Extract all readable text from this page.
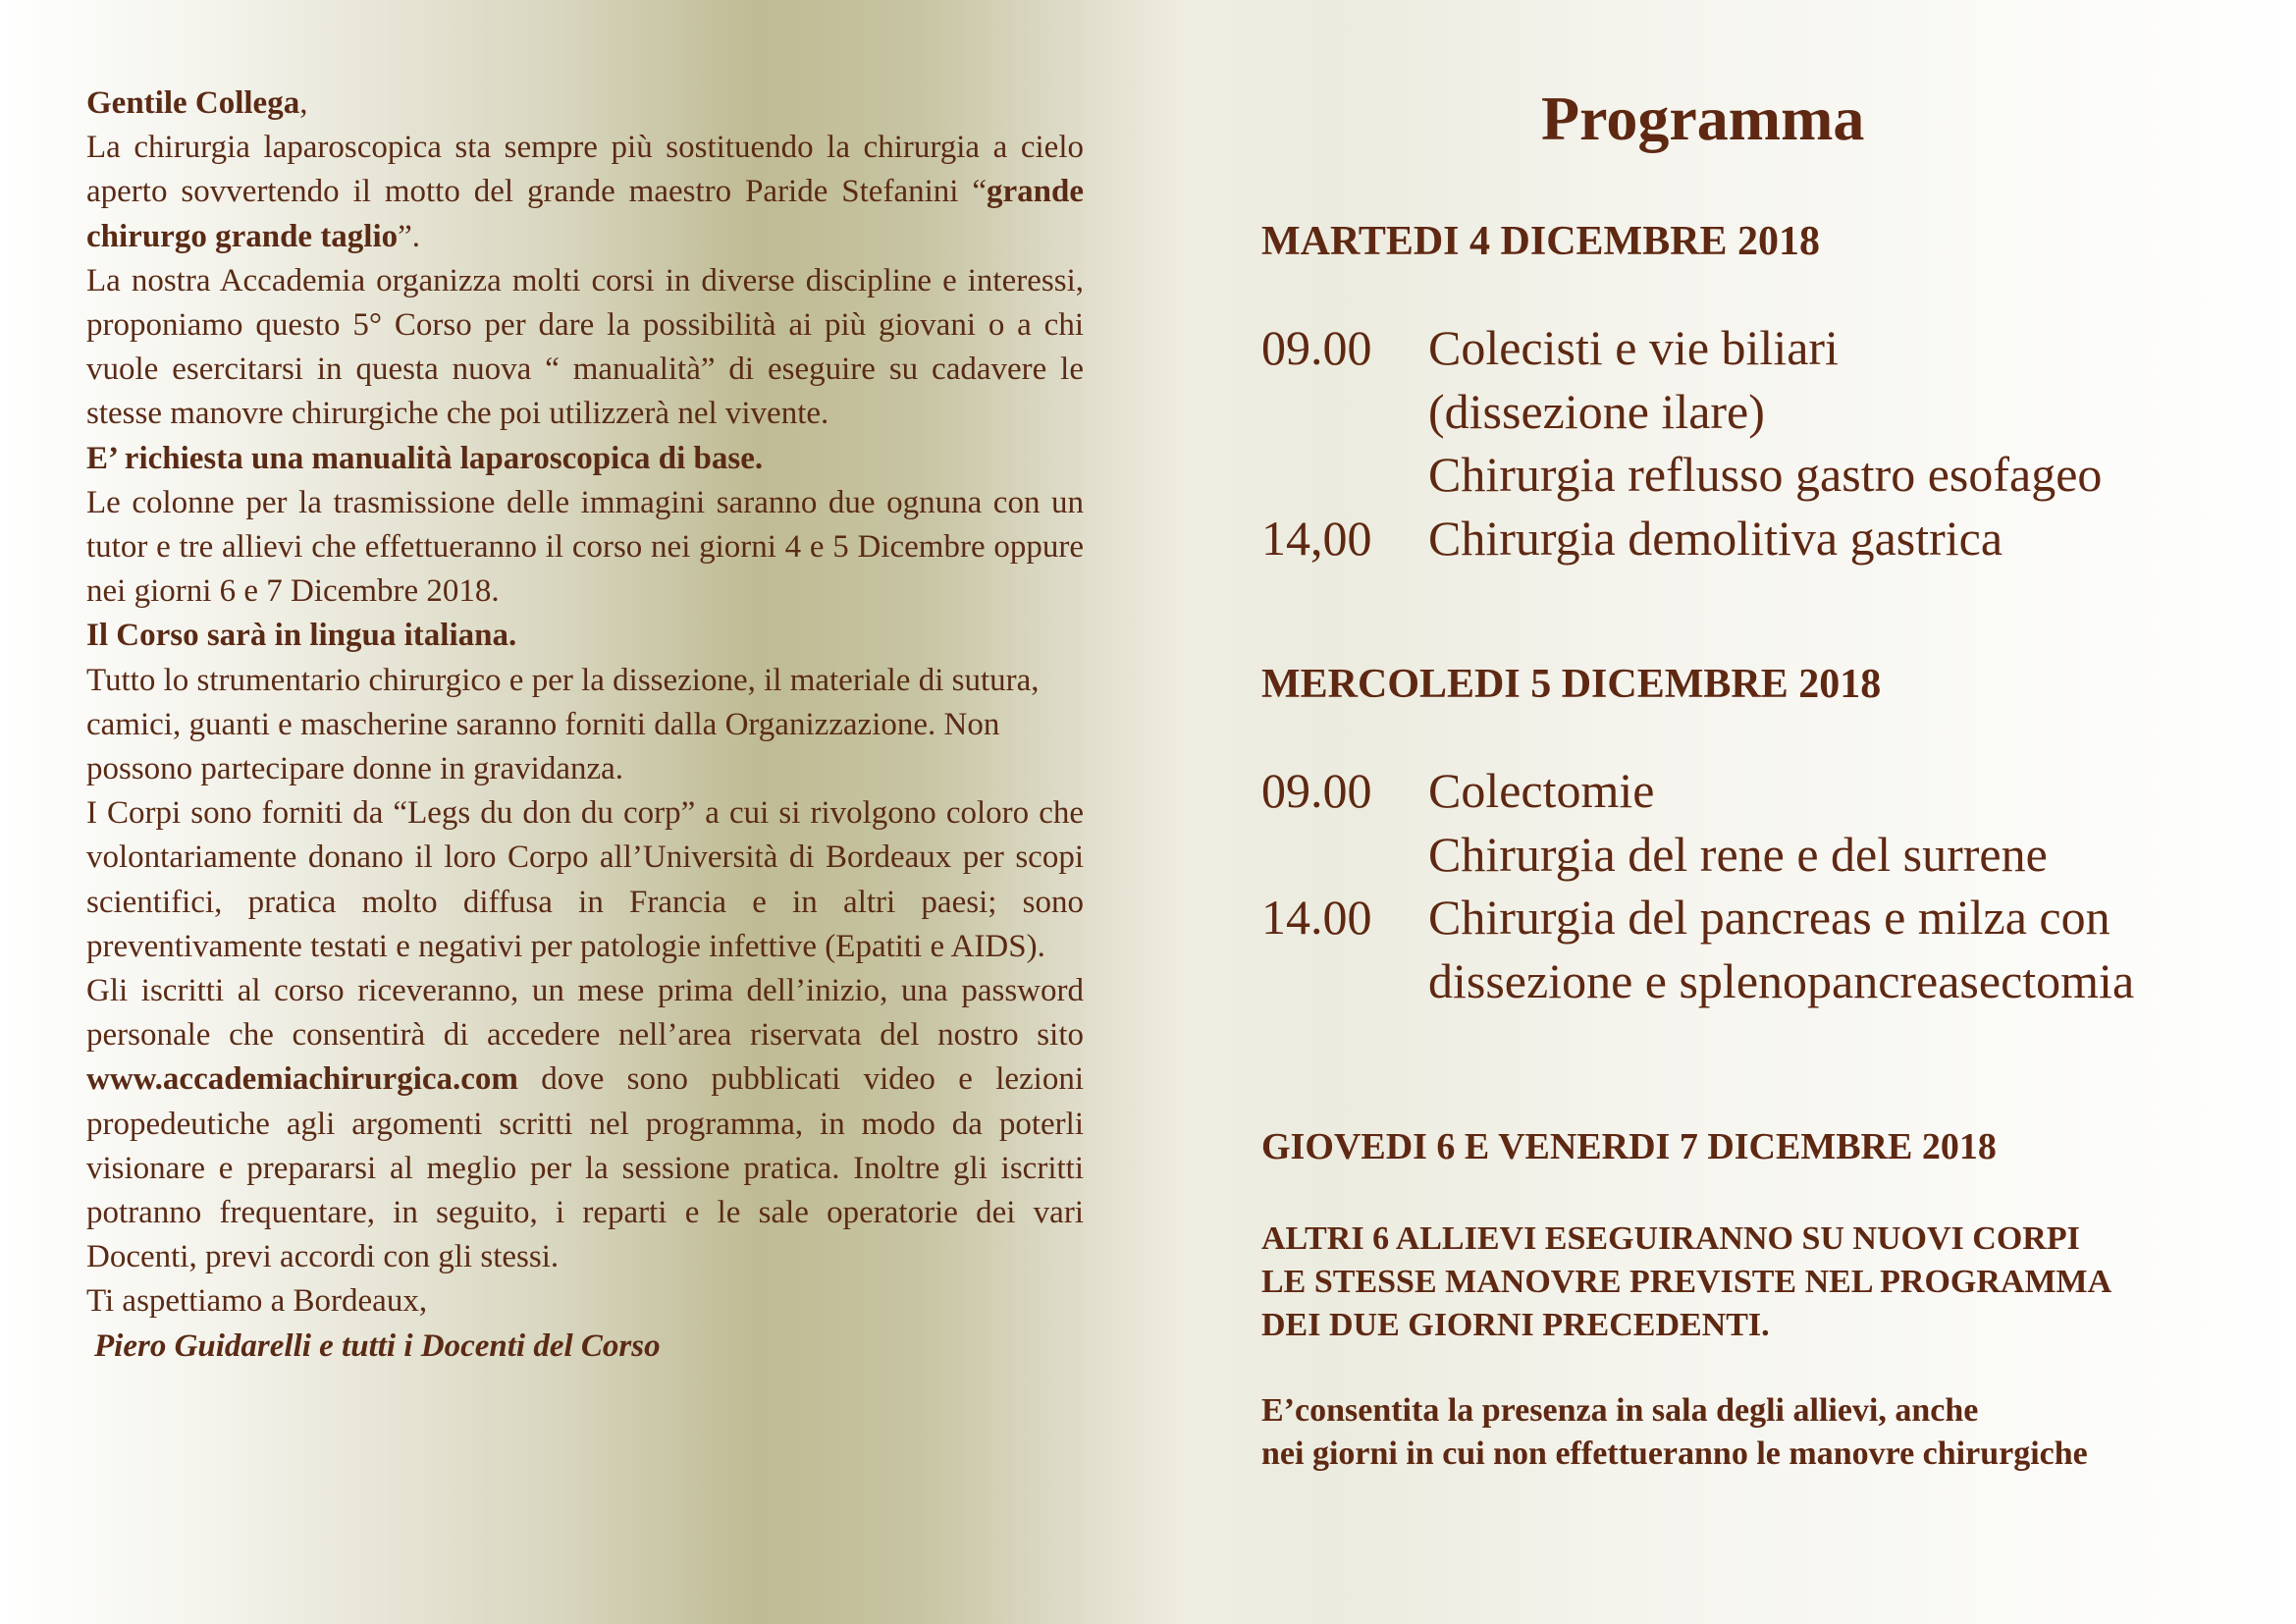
Gentile Collega,

La chirurgia laparoscopica sta sempre più sostituendo la chirurgia a cielo aperto sovvertendo il motto del grande maestro Paride Stefanini “grande chirurgo grande taglio”.

La nostra Accademia organizza molti corsi in diverse discipline e interessi, proponiamo questo 5° Corso per dare la possibilità ai più giovani o a chi vuole esercitarsi in questa nuova “ manualità” di eseguire su cadavere le stesse manovre chirurgiche che poi utilizzerà nel vivente.

E’ richiesta una manualità laparoscopica di base.

Le colonne per la trasmissione delle immagini saranno due ognuna con un tutor e tre allievi che effettueranno il corso nei giorni 4 e 5 Dicembre oppure nei giorni 6 e 7 Dicembre 2018.

Il Corso sarà in lingua italiana.

Tutto lo strumentario chirurgico e per la dissezione, il materiale di sutura, camici, guanti e mascherine saranno forniti dalla Organizzazione. Non possono partecipare donne in gravidanza.

I Corpi sono forniti da “Legs du don du corp” a cui si rivolgono coloro che volontariamente donano il loro Corpo all’Università di Bordeaux per scopi scientifici, pratica molto diffusa in Francia e in altri paesi; sono preventivamente testati e negativi per patologie infettive (Epatiti e AIDS).

Gli iscritti al corso riceveranno, un mese prima dell’inizio, una password personale che consentirà di accedere nell’area riservata del nostro sito www.accademiachirurgica.com dove sono pubblicati video e lezioni propedeutiche agli argomenti scritti nel programma, in modo da poterli visionare e prepararsi al meglio per la sessione pratica. Inoltre gli iscritti potranno frequentare, in seguito, i reparti e le sale operatorie dei vari Docenti, previ accordi con gli stessi.

Ti aspettiamo a Bordeaux,

Piero Guidarelli e tutti i Docenti del Corso

Programma
MARTEDI 4 DICEMBRE 2018
09.00	Colecisti e vie biliari
(dissezione ilare)
Chirurgia reflusso gastro esofageo
14,00	Chirurgia demolitiva gastrica
MERCOLEDI 5 DICEMBRE 2018
09.00	Colectomie
Chirurgia del rene e del surrene
14.00	Chirurgia del pancreas e milza con
dissezione e splenopancreasectomia
GIOVEDI 6 E VENERDI 7 DICEMBRE 2018
ALTRI 6 ALLIEVI ESEGUIRANNO SU NUOVI CORPI
LE STESSE MANOVRE PREVISTE NEL PROGRAMMA
DEI DUE GIORNI PRECEDENTI.
E’consentita la presenza in sala degli allievi, anche
nei giorni in cui non effettueranno le manovre chirurgiche
